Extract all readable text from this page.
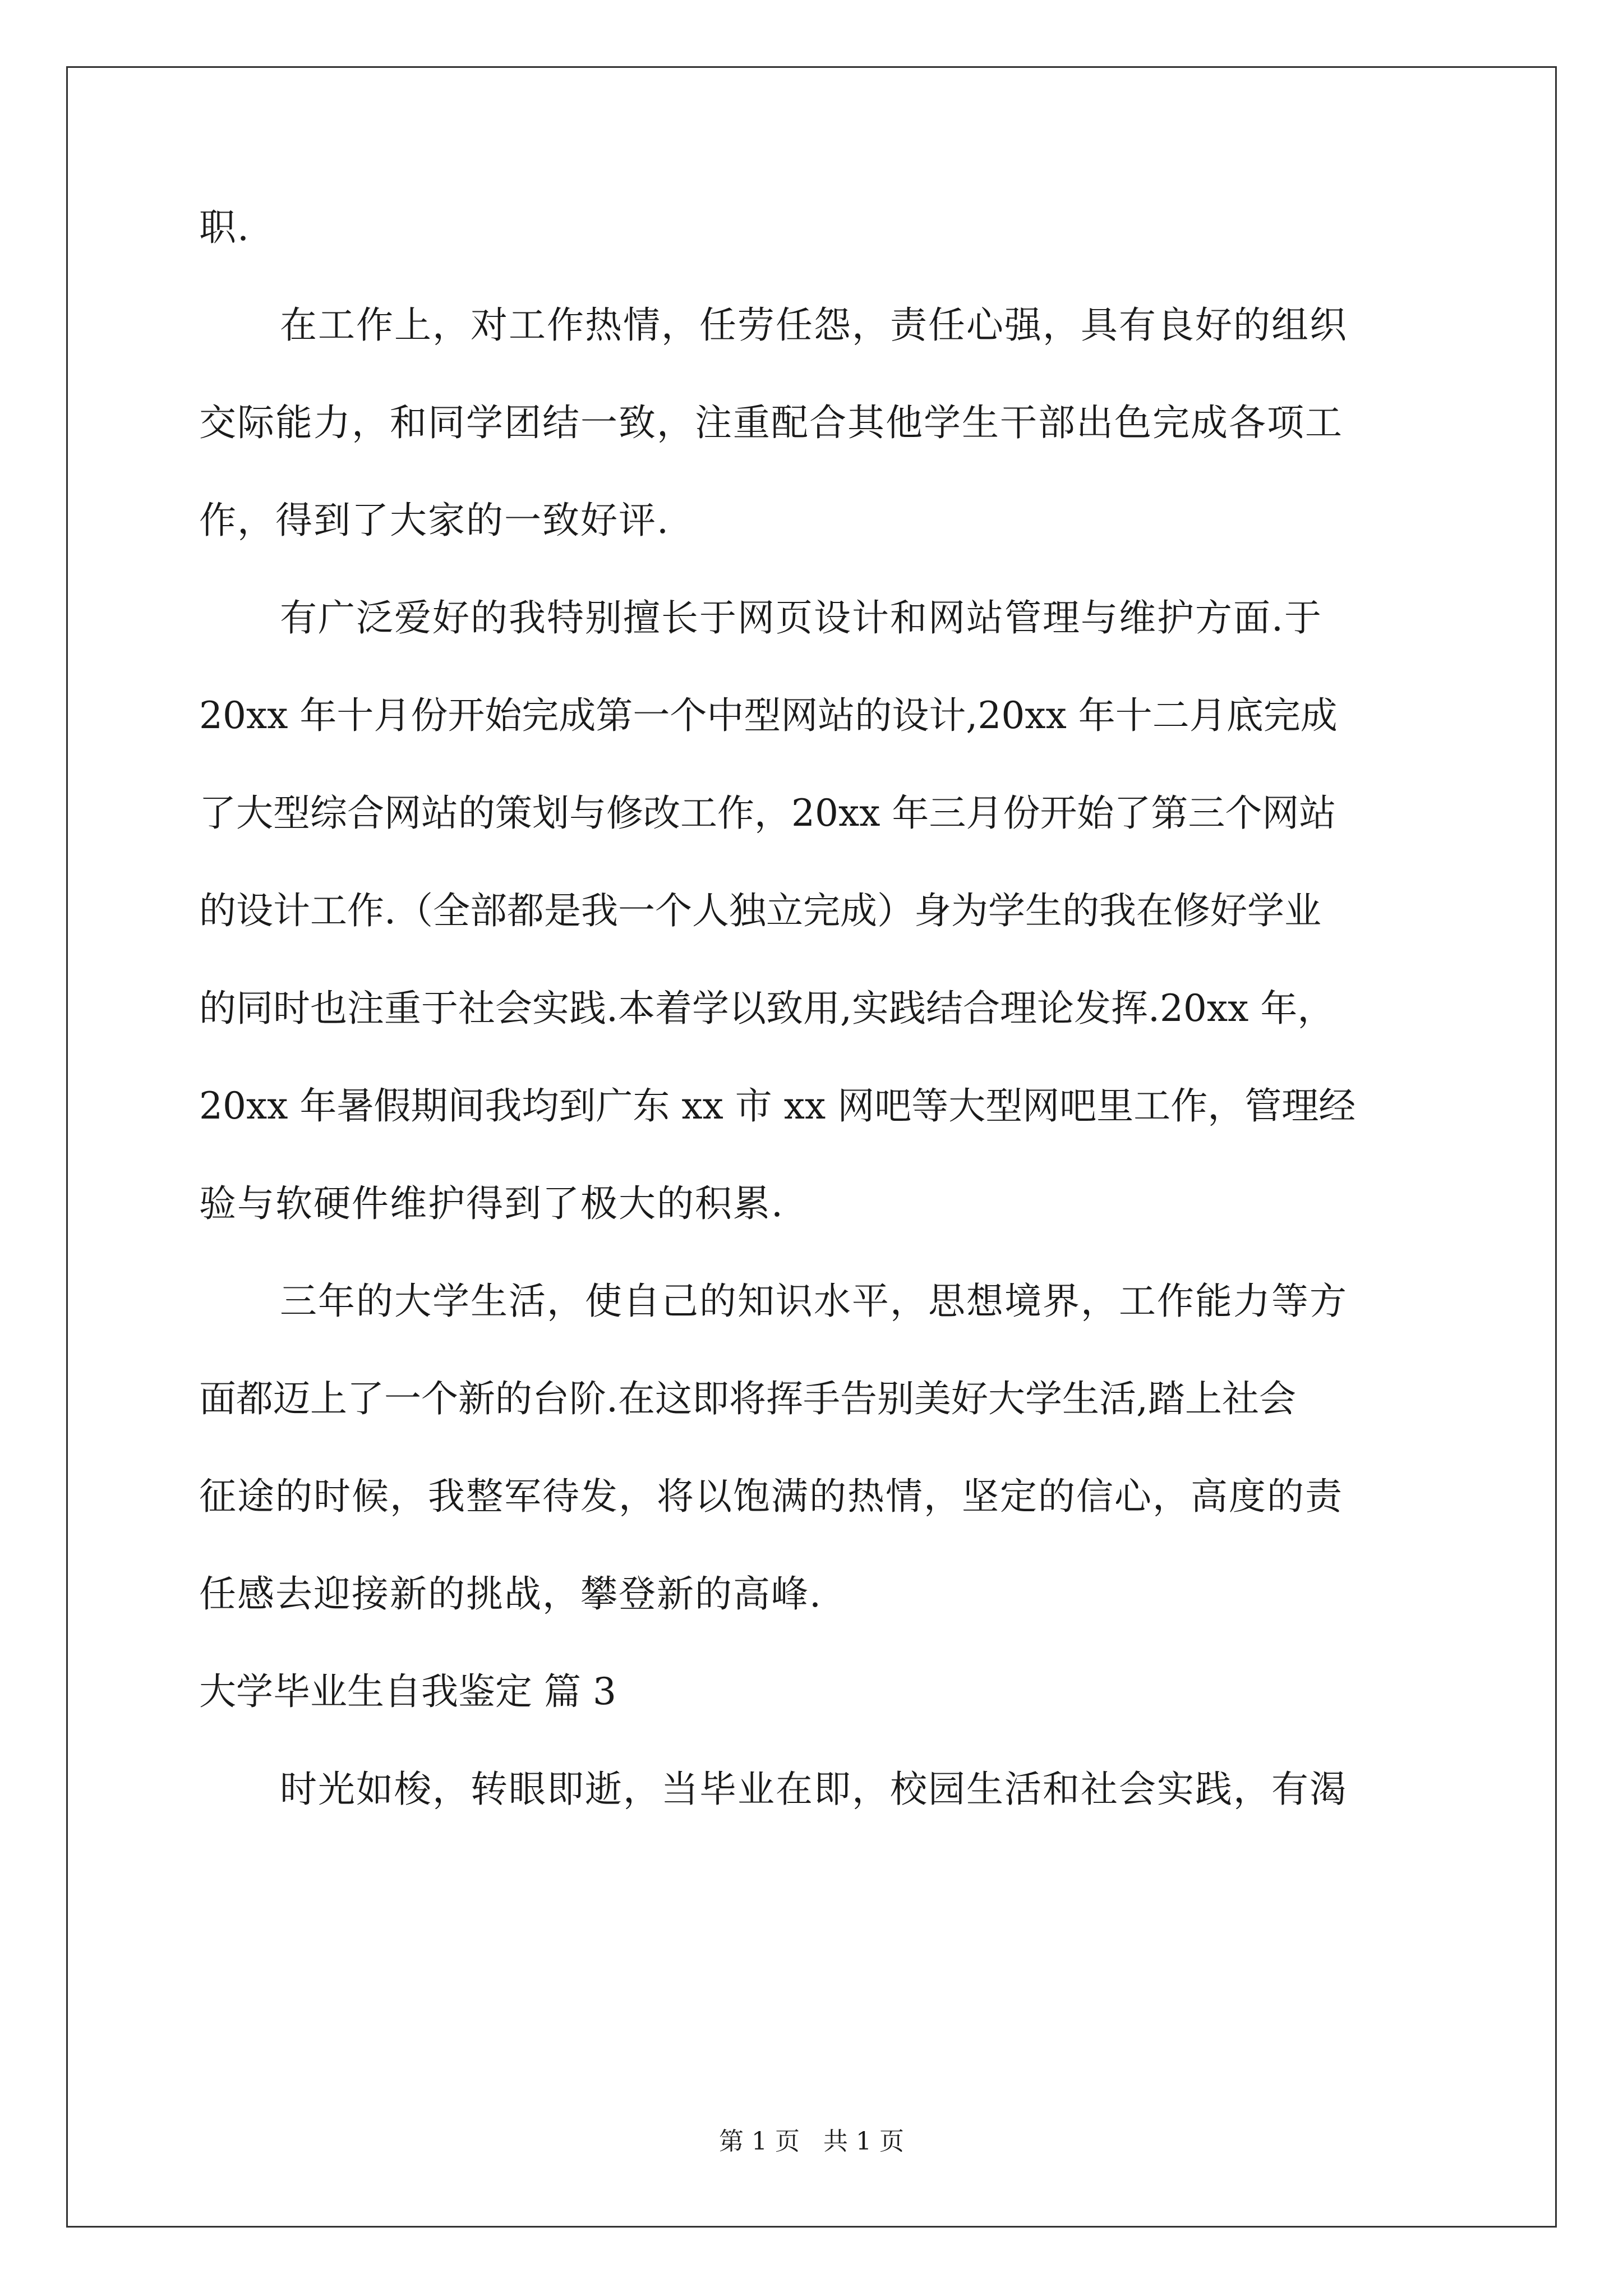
职.
在工作上，对工作热情，任劳任怨，责任心强，具有良好的组织
交际能力，和同学团结一致，注重配合其他学生干部出色完成各项工
作，得到了大家的一致好评.
有广泛爱好的我特别擅长于网页设计和网站管理与维护方面.于
20xx 年十月份开始完成第一个中型网站的设计,20xx 年十二月底完成
了大型综合网站的策划与修改工作，20xx 年三月份开始了第三个网站
的设计工作.（全部都是我一个人独立完成）身为学生的我在修好学业
的同时也注重于社会实践.本着学以致用,实践结合理论发挥.20xx 年，
20xx 年暑假期间我均到广东 xx 市 xx 网吧等大型网吧里工作，管理经
验与软硬件维护得到了极大的积累.
三年的大学生活，使自己的知识水平，思想境界，工作能力等方
面都迈上了一个新的台阶.在这即将挥手告别美好大学生活,踏上社会
征途的时候，我整军待发，将以饱满的热情，坚定的信心，高度的责
任感去迎接新的挑战，攀登新的高峰.
大学毕业生自我鉴定 篇 3
时光如梭，转眼即逝，当毕业在即，校园生活和社会实践，有渴
第 1 页 共 1 页
